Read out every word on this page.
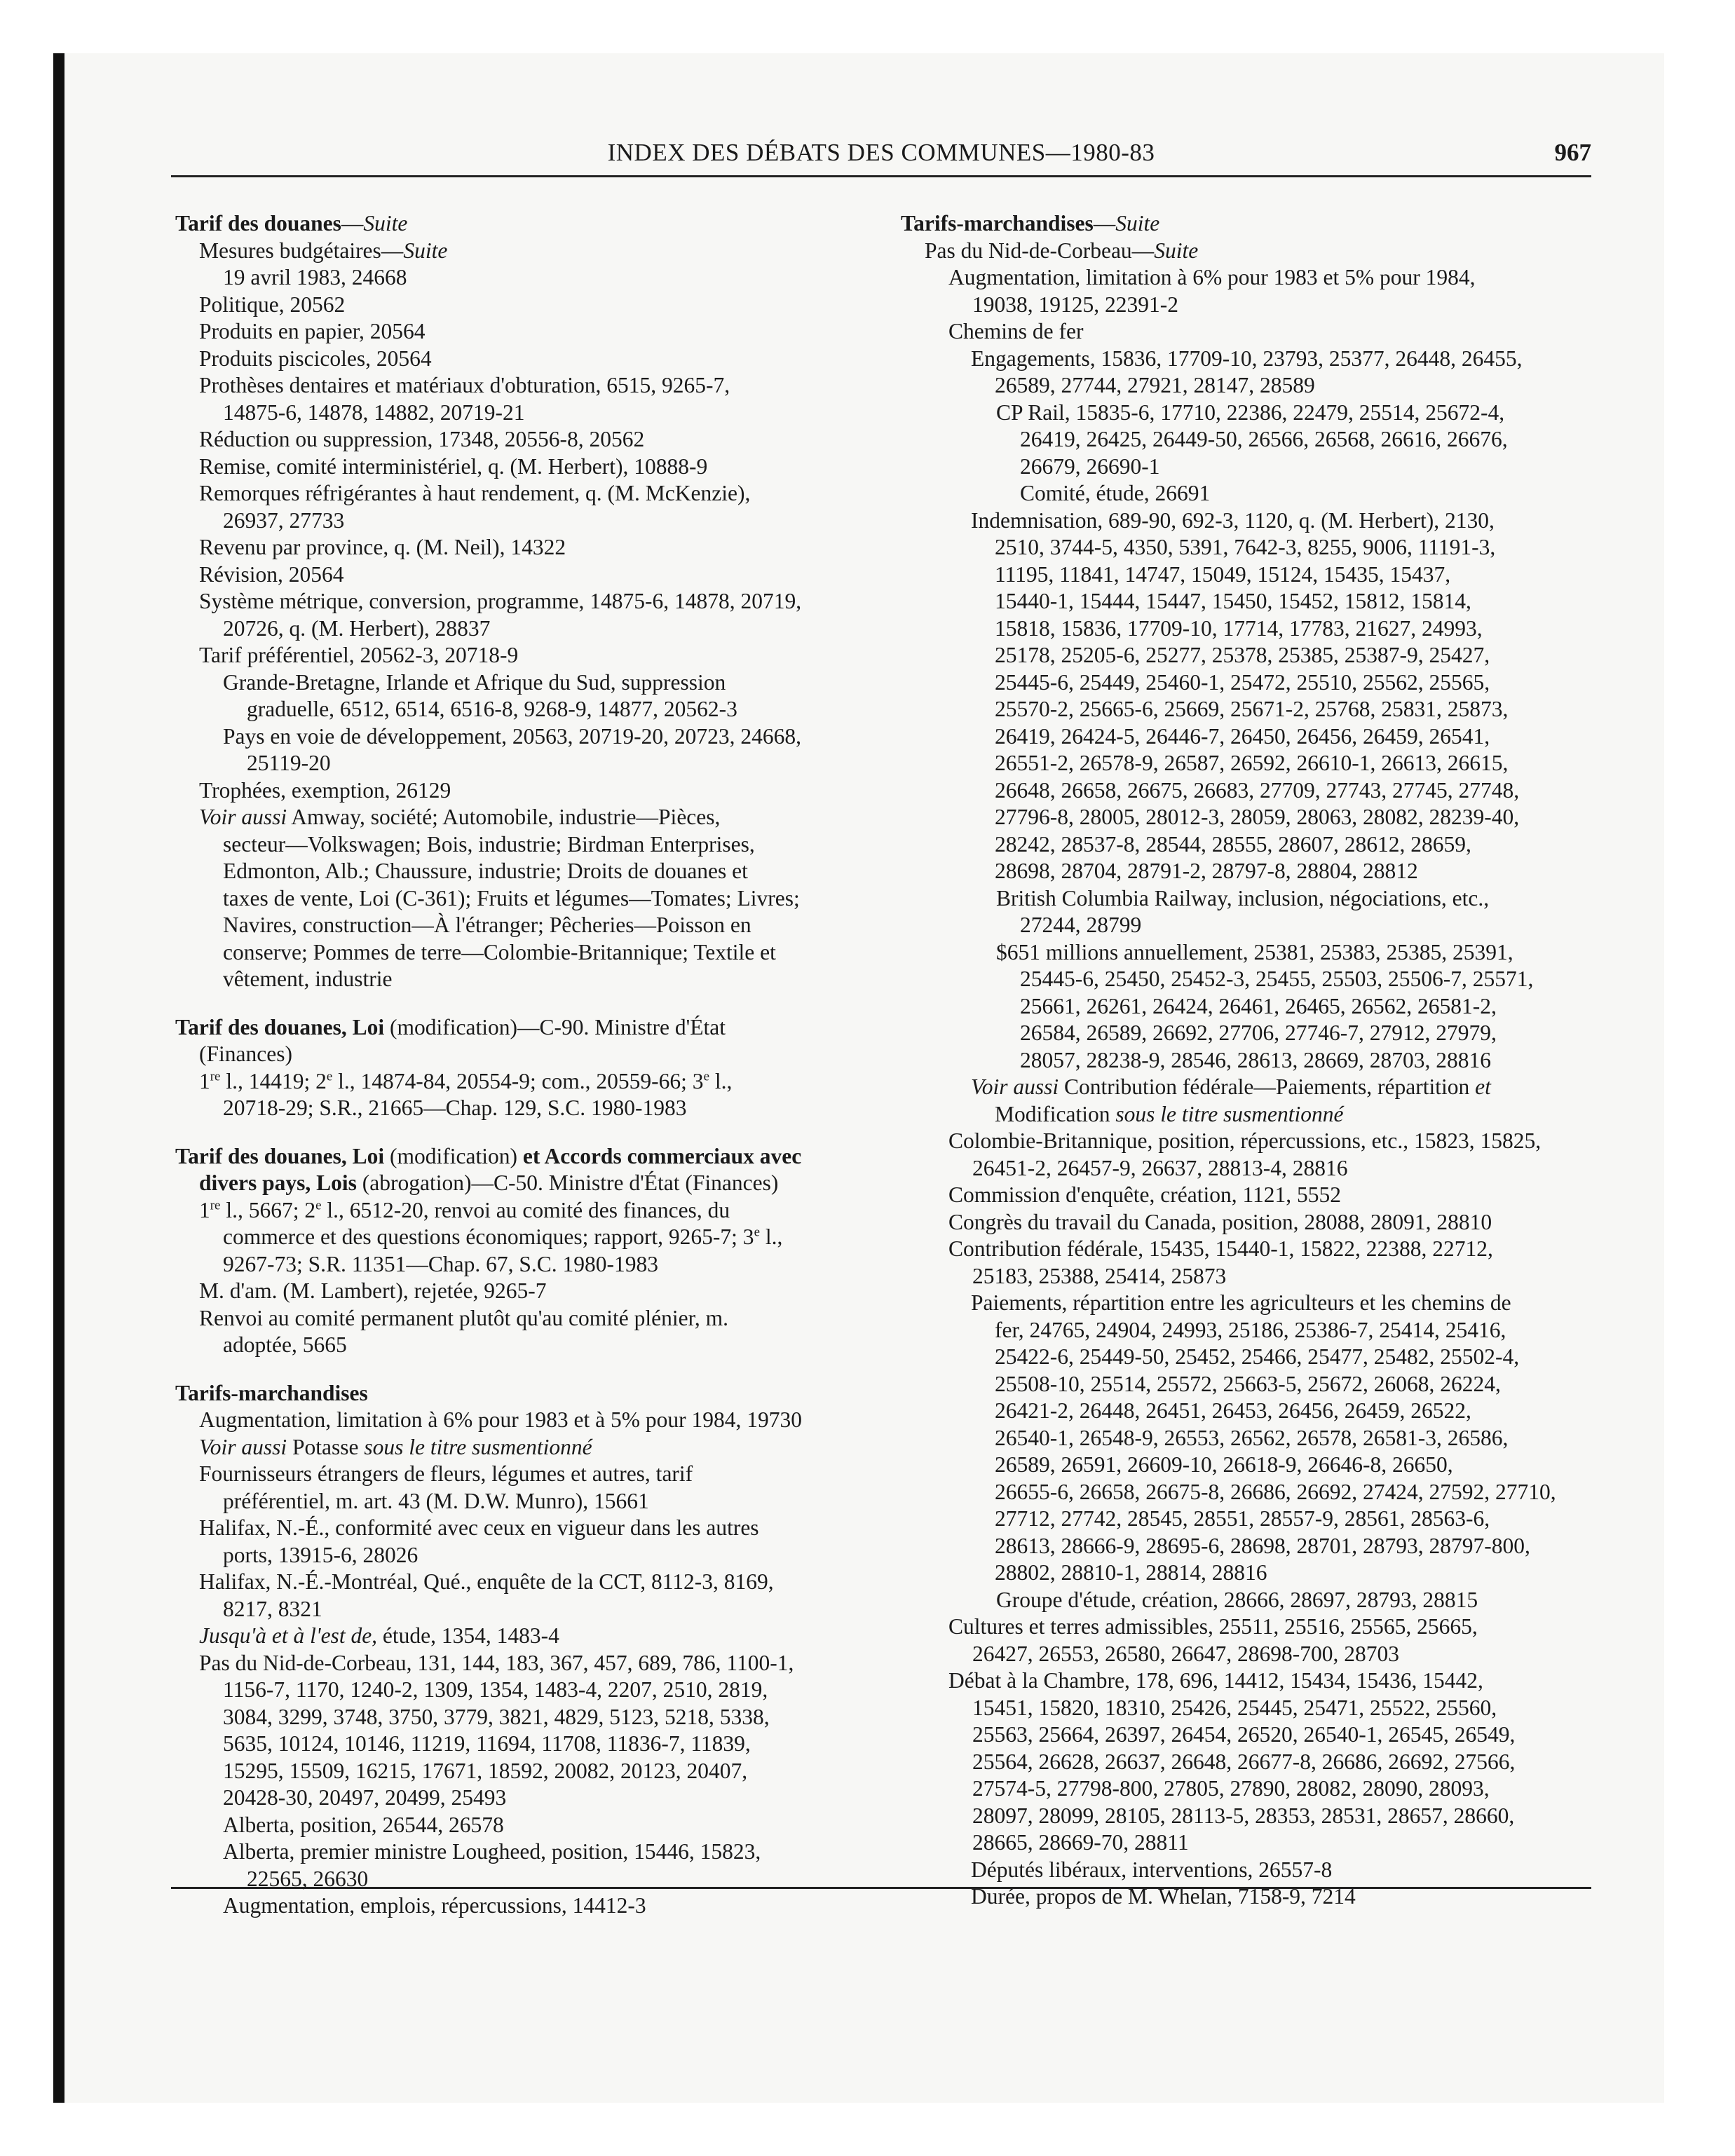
INDEX DES DÉBATS DES COMMUNES—1980-83	967
Tarif des douanes—Suite
Mesures budgétaires—Suite
19 avril 1983, 24668
Politique, 20562
Produits en papier, 20564
Produits piscicoles, 20564
Prothèses dentaires et matériaux d'obturation, 6515, 9265-7,
14875-6, 14878, 14882, 20719-21
Réduction ou suppression, 17348, 20556-8, 20562
Remise, comité interministériel, q. (M. Herbert), 10888-9
Remorques réfrigérantes à haut rendement, q. (M. McKenzie),
26937, 27733
Revenu par province, q. (M. Neil), 14322
Révision, 20564
Système métrique, conversion, programme, 14875-6, 14878, 20719,
20726, q. (M. Herbert), 28837
Tarif préférentiel, 20562-3, 20718-9
Grande-Bretagne, Irlande et Afrique du Sud, suppression
graduelle, 6512, 6514, 6516-8, 9268-9, 14877, 20562-3
Pays en voie de développement, 20563, 20719-20, 20723, 24668,
25119-20
Trophées, exemption, 26129
Voir aussi Amway, société; Automobile, industrie—Pièces,
secteur—Volkswagen; Bois, industrie; Birdman Enterprises,
Edmonton, Alb.; Chaussure, industrie; Droits de douanes et
taxes de vente, Loi (C-361); Fruits et légumes—Tomates; Livres;
Navires, construction—À l'étranger; Pêcheries—Poisson en
conserve; Pommes de terre—Colombie-Britannique; Textile et
vêtement, industrie
Tarif des douanes, Loi (modification)—C-90. Ministre d'État
(Finances)
1re l., 14419; 2e l., 14874-84, 20554-9; com., 20559-66; 3e l.,
20718-29; S.R., 21665—Chap. 129, S.C. 1980-1983
Tarif des douanes, Loi (modification) et Accords commerciaux avec
divers pays, Lois (abrogation)—C-50. Ministre d'État (Finances)
1re l., 5667; 2e l., 6512-20, renvoi au comité des finances, du
commerce et des questions économiques; rapport, 9265-7; 3e l.,
9267-73; S.R. 11351—Chap. 67, S.C. 1980-1983
M. d'am. (M. Lambert), rejetée, 9265-7
Renvoi au comité permanent plutôt qu'au comité plénier, m.
adoptée, 5665
Tarifs-marchandises
Augmentation, limitation à 6% pour 1983 et à 5% pour 1984, 19730
Voir aussi Potasse sous le titre susmentionné
Fournisseurs étrangers de fleurs, légumes et autres, tarif
préférentiel, m. art. 43 (M. D.W. Munro), 15661
Halifax, N.-É., conformité avec ceux en vigueur dans les autres
ports, 13915-6, 28026
Halifax, N.-É.-Montréal, Qué., enquête de la CCT, 8112-3, 8169,
8217, 8321
Jusqu'à et à l'est de, étude, 1354, 1483-4
Pas du Nid-de-Corbeau, 131, 144, 183, 367, 457, 689, 786, 1100-1,
1156-7, 1170, 1240-2, 1309, 1354, 1483-4, 2207, 2510, 2819,
3084, 3299, 3748, 3750, 3779, 3821, 4829, 5123, 5218, 5338,
5635, 10124, 10146, 11219, 11694, 11708, 11836-7, 11839,
15295, 15509, 16215, 17671, 18592, 20082, 20123, 20407,
20428-30, 20497, 20499, 25493
Alberta, position, 26544, 26578
Alberta, premier ministre Lougheed, position, 15446, 15823,
22565, 26630
Augmentation, emplois, répercussions, 14412-3
Tarifs-marchandises—Suite
Pas du Nid-de-Corbeau—Suite
Augmentation, limitation à 6% pour 1983 et 5% pour 1984,
19038, 19125, 22391-2
Chemins de fer
Engagements, 15836, 17709-10, 23793, 25377, 26448, 26455,
26589, 27744, 27921, 28147, 28589
CP Rail, 15835-6, 17710, 22386, 22479, 25514, 25672-4,
26419, 26425, 26449-50, 26566, 26568, 26616, 26676,
26679, 26690-1
Comité, étude, 26691
Indemnisation, 689-90, 692-3, 1120, q. (M. Herbert), 2130,
2510, 3744-5, 4350, 5391, 7642-3, 8255, 9006, 11191-3,
11195, 11841, 14747, 15049, 15124, 15435, 15437,
15440-1, 15444, 15447, 15450, 15452, 15812, 15814,
15818, 15836, 17709-10, 17714, 17783, 21627, 24993,
25178, 25205-6, 25277, 25378, 25385, 25387-9, 25427,
25445-6, 25449, 25460-1, 25472, 25510, 25562, 25565,
25570-2, 25665-6, 25669, 25671-2, 25768, 25831, 25873,
26419, 26424-5, 26446-7, 26450, 26456, 26459, 26541,
26551-2, 26578-9, 26587, 26592, 26610-1, 26613, 26615,
26648, 26658, 26675, 26683, 27709, 27743, 27745, 27748,
27796-8, 28005, 28012-3, 28059, 28063, 28082, 28239-40,
28242, 28537-8, 28544, 28555, 28607, 28612, 28659,
28698, 28704, 28791-2, 28797-8, 28804, 28812
British Columbia Railway, inclusion, négociations, etc.,
27244, 28799
$651 millions annuellement, 25381, 25383, 25385, 25391,
25445-6, 25450, 25452-3, 25455, 25503, 25506-7, 25571,
25661, 26261, 26424, 26461, 26465, 26562, 26581-2,
26584, 26589, 26692, 27706, 27746-7, 27912, 27979,
28057, 28238-9, 28546, 28613, 28669, 28703, 28816
Voir aussi Contribution fédérale—Paiements, répartition et
Modification sous le titre susmentionné
Colombie-Britannique, position, répercussions, etc., 15823, 15825,
26451-2, 26457-9, 26637, 28813-4, 28816
Commission d'enquête, création, 1121, 5552
Congrès du travail du Canada, position, 28088, 28091, 28810
Contribution fédérale, 15435, 15440-1, 15822, 22388, 22712,
25183, 25388, 25414, 25873
Paiements, répartition entre les agriculteurs et les chemins de
fer, 24765, 24904, 24993, 25186, 25386-7, 25414, 25416,
25422-6, 25449-50, 25452, 25466, 25477, 25482, 25502-4,
25508-10, 25514, 25572, 25663-5, 25672, 26068, 26224,
26421-2, 26448, 26451, 26453, 26456, 26459, 26522,
26540-1, 26548-9, 26553, 26562, 26578, 26581-3, 26586,
26589, 26591, 26609-10, 26618-9, 26646-8, 26650,
26655-6, 26658, 26675-8, 26686, 26692, 27424, 27592, 27710,
27712, 27742, 28545, 28551, 28557-9, 28561, 28563-6,
28613, 28666-9, 28695-6, 28698, 28701, 28793, 28797-800,
28802, 28810-1, 28814, 28816
Groupe d'étude, création, 28666, 28697, 28793, 28815
Cultures et terres admissibles, 25511, 25516, 25565, 25665,
26427, 26553, 26580, 26647, 28698-700, 28703
Débat à la Chambre, 178, 696, 14412, 15434, 15436, 15442,
15451, 15820, 18310, 25426, 25445, 25471, 25522, 25560,
25563, 25664, 26397, 26454, 26520, 26540-1, 26545, 26549,
25564, 26628, 26637, 26648, 26677-8, 26686, 26692, 27566,
27574-5, 27798-800, 27805, 27890, 28082, 28090, 28093,
28097, 28099, 28105, 28113-5, 28353, 28531, 28657, 28660,
28665, 28669-70, 28811
Députés libéraux, interventions, 26557-8
Durée, propos de M. Whelan, 7158-9, 7214
